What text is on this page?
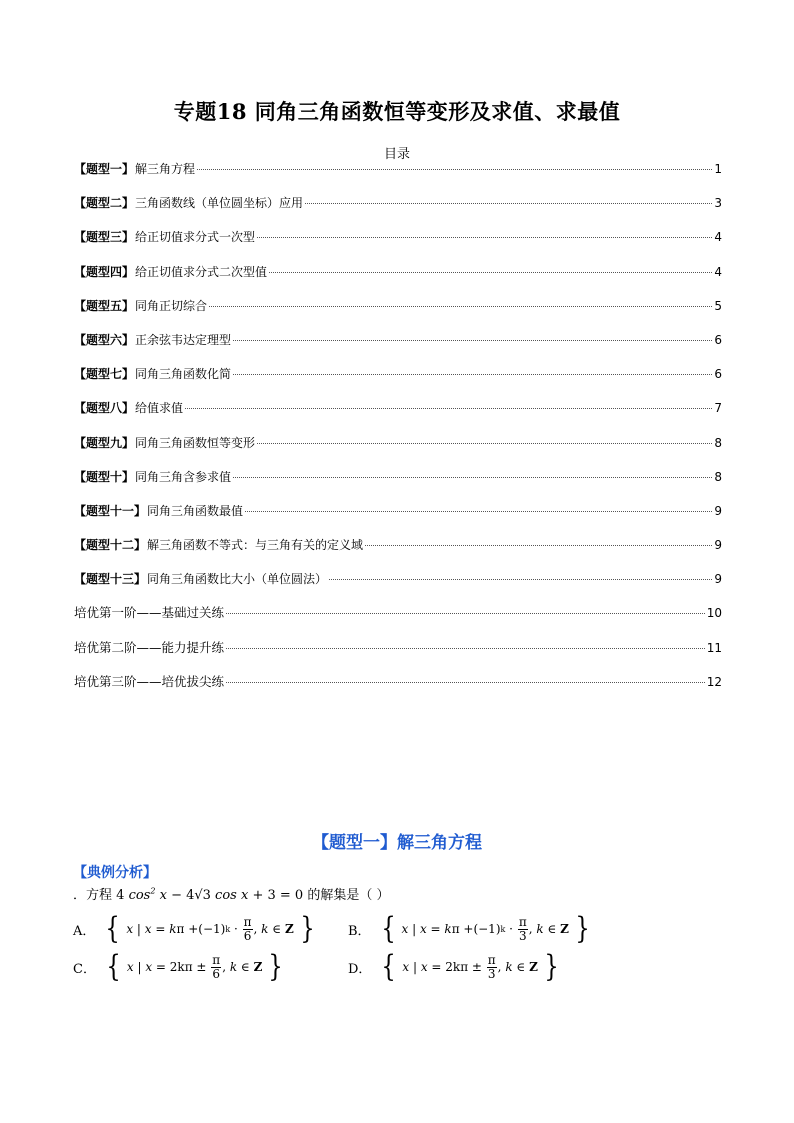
专题18 同角三角函数恒等变形及求值、求最值
目录
【题型一】 解三角方程	1
【题型二】 三角函数线（单位圆坐标）应用	3
【题型三】 给正切值求分式一次型	4
【题型四】 给正切值求分式二次型值	4
【题型五】 同角正切综合	5
【题型六】 正余弦韦达定理型	6
【题型七】 同角三角函数化简	6
【题型八】 给值求值	7
【题型九】 同角三角函数恒等变形	8
【题型十】 同角三角含参求值	8
【题型十一】 同角三角函数最值	9
【题型十二】 解三角函数不等式：与三角有关的定义域	9
【题型十三】 同角三角函数比大小（单位圆法）	9
培优第一阶——基础过关练	10
培优第二阶——能力提升练	11
培优第三阶——培优拔尖练	12
【题型一】解三角方程
【典例分析】
．方程 4 $\cos^2 x - 4√3$ cos x + 3 = 0 的解集是（ ）
A． {
x | x = k π +(−1) $k \cdot \frac{\pi}{6}$ , k ∈ Z
}	B． {
x | x = k π +(−1) $k \cdot \frac{\pi}{3}$ , k ∈ Z
}
C． {
x | x = 2kπ ±
$\frac{\pi}{6}$ , k ∈ Z
}	D． {
x | x = 2kπ ±
$\frac{\pi}{3}$ , k ∈ Z
}
